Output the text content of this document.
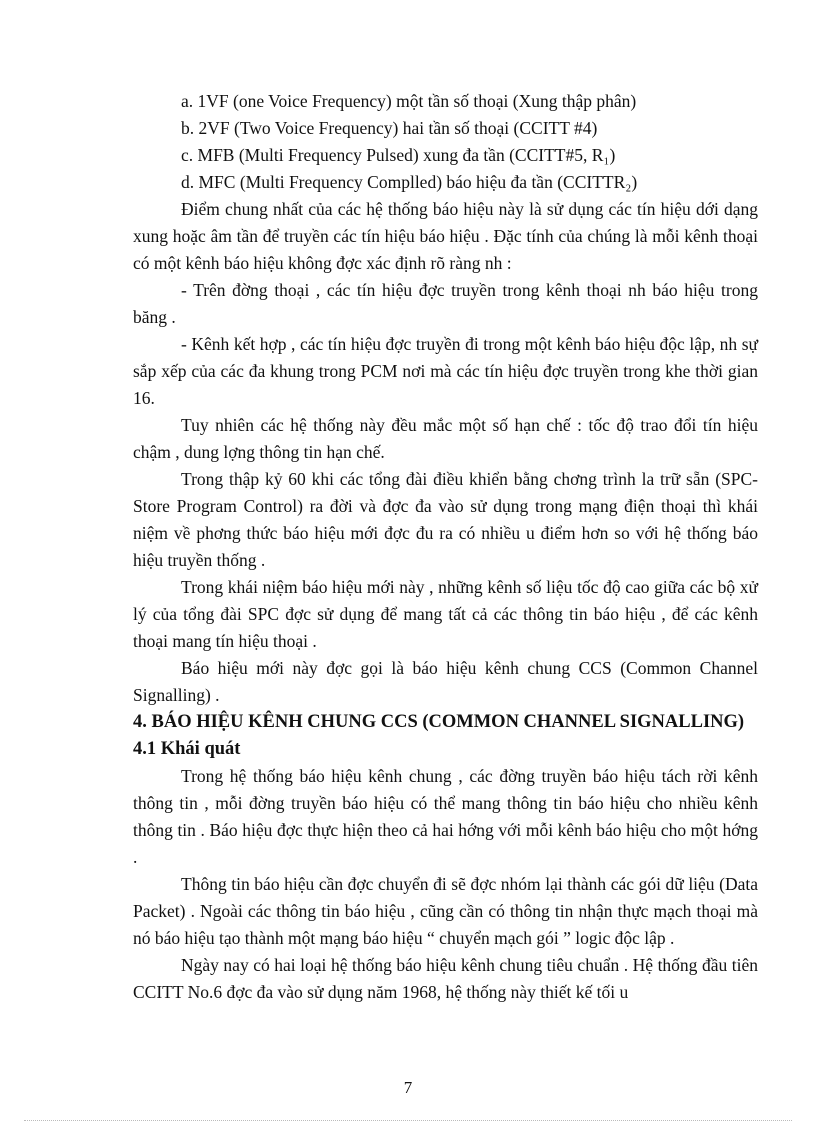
a. 1VF (one Voice Frequency) một tần số thoại (Xung thập phân)
b. 2VF (Two Voice Frequency) hai tần số thoại (CCITT #4)
c. MFB (Multi Frequency Pulsed) xung đa tần (CCITT#5, R₁)
d. MFC (Multi Frequency Complled) báo hiệu đa tần (CCITTR₂)

Điểm chung nhất của các hệ thống báo hiệu này là sử dụng các tín hiệu dới dạng xung hoặc âm tần để truyền các tín hiệu báo hiệu . Đặc tính của chúng là mỗi kênh thoại có một kênh báo hiệu không đợc xác định rõ ràng nh :

- Trên đờng thoại , các tín hiệu đợc truyền trong kênh thoại nh báo hiệu trong băng .

- Kênh kết hợp , các tín hiệu đợc truyền đi trong một kênh báo hiệu độc lập, nh sự sắp xếp của các đa khung trong PCM nơi mà các tín hiệu đợc truyền trong khe thời gian 16.

Tuy nhiên các hệ thống này đều mắc một số hạn chế : tốc độ trao đổi tín hiệu chậm , dung lợng thông tin hạn chế.

Trong thập kỷ 60 khi các tổng đài điều khiển bằng chơng trình la trữ sẵn (SPC- Store Program Control) ra đời và đợc đa vào sử dụng trong mạng điện thoại thì khái niệm về phơng thức báo hiệu mới đợc đu ra có nhiều u điểm hơn so với hệ thống báo hiệu truyền thống .

Trong khái niệm báo hiệu mới này , những kênh số liệu tốc độ cao giữa các bộ xử lý của tổng đài SPC đợc sử dụng để mang tất cả các thông tin báo hiệu , để các kênh thoại mang tín hiệu thoại .

Báo hiệu mới này đợc gọi là báo hiệu kênh chung CCS (Common Channel Signalling) .

4. BÁO HIỆU KÊNH CHUNG CCS (COMMON CHANNEL SIGNALLING)

4.1 Khái quát

Trong hệ thống báo hiệu kênh chung , các đờng truyền báo hiệu tách rời kênh thông tin , mỗi đờng truyền báo hiệu có thể mang thông tin báo hiệu cho nhiều kênh thông tin . Báo hiệu đợc thực hiện theo cả hai hớng với mỗi kênh báo hiệu cho một hớng .

Thông tin báo hiệu cần đợc chuyển đi sẽ đợc nhóm lại thành các gói dữ liệu (Data Packet) . Ngoài các thông tin báo hiệu , cũng cần có thông tin nhận thực mạch thoại mà nó báo hiệu tạo thành một mạng báo hiệu “ chuyển mạch gói ” logic độc lập .

Ngày nay có hai loại hệ thống báo hiệu kênh chung tiêu chuẩn . Hệ thống đầu tiên CCITT No.6 đợc đa vào sử dụng năm 1968, hệ thống này thiết kế tối u

7
